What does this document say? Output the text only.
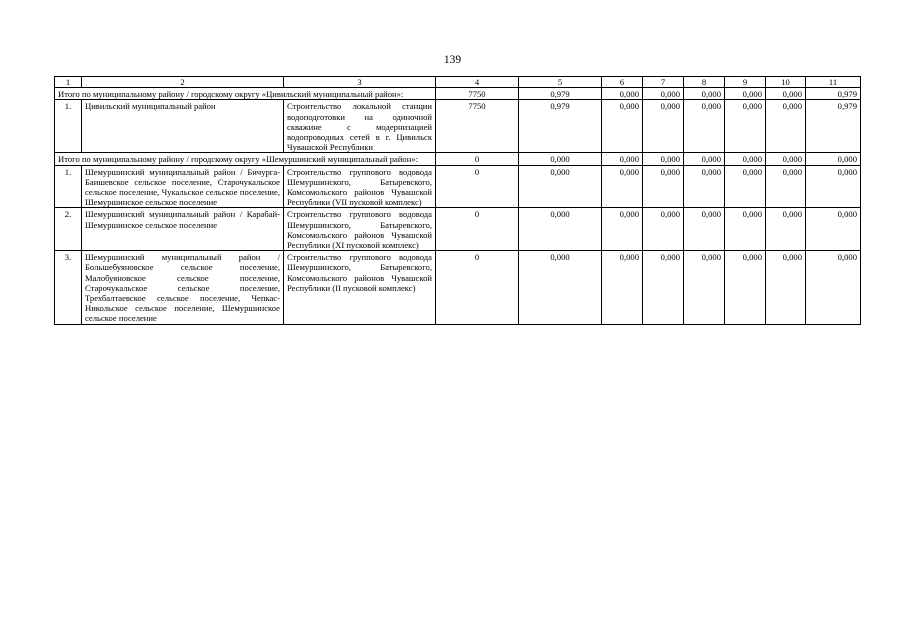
139
1	2	3	4	5	6	7	8	9	10	11
Итого по муниципальному району / городскому округу «Цивильский муниципальный район»:			7750	0,979	0,000	0,000	0,000	0,000	0,000	0,979
1.	Цивильский муниципальный район	Строительство локальной станции водоподготовки на одиночной скважине с модернизацией водопроводных сетей в г. Цивильск Чувашской Республики	7750	0,979	0,000	0,000	0,000	0,000	0,000	0,979
Итого по муниципальному району / городскому округу «Шемуршинский муниципальный район»:			0	0,000	0,000	0,000	0,000	0,000	0,000	0,000
1.	Шемуршинский муниципальный район / Бичурга-Баишевское сельское поселение, Старочукальское сельское поселение, Чукальское сельское поселение, Шемуршинское сельское поселение	Строительство группового водовода Шемуршинского, Батыревского, Комсомольского районов Чувашской Республики (VII пусковой комплекс)	0	0,000	0,000	0,000	0,000	0,000	0,000	0,000
2.	Шемуршинский муниципальный район / Карабай-Шемуршинское сельское поселение	Строительство группового водовода Шемуршинского, Батыревского, Комсомольского районов Чувашской Республики (XI пусковой комплекс)	0	0,000	0,000	0,000	0,000	0,000	0,000	0,000
3.	Шемуршинский муниципальный район / Большебуяновское сельское поселение, Малобуяновское сельское поселение, Старочукальское сельское поселение, Трехбалтаевское сельское поселение, Чепкас-Никольское сельское поселение, Шемуршинское сельское поселение	Строительство группового водовода Шемуршинского, Батыревского, Комсомольского районов Чувашской Республики (II пусковой комплекс)	0	0,000	0,000	0,000	0,000	0,000	0,000	0,000
